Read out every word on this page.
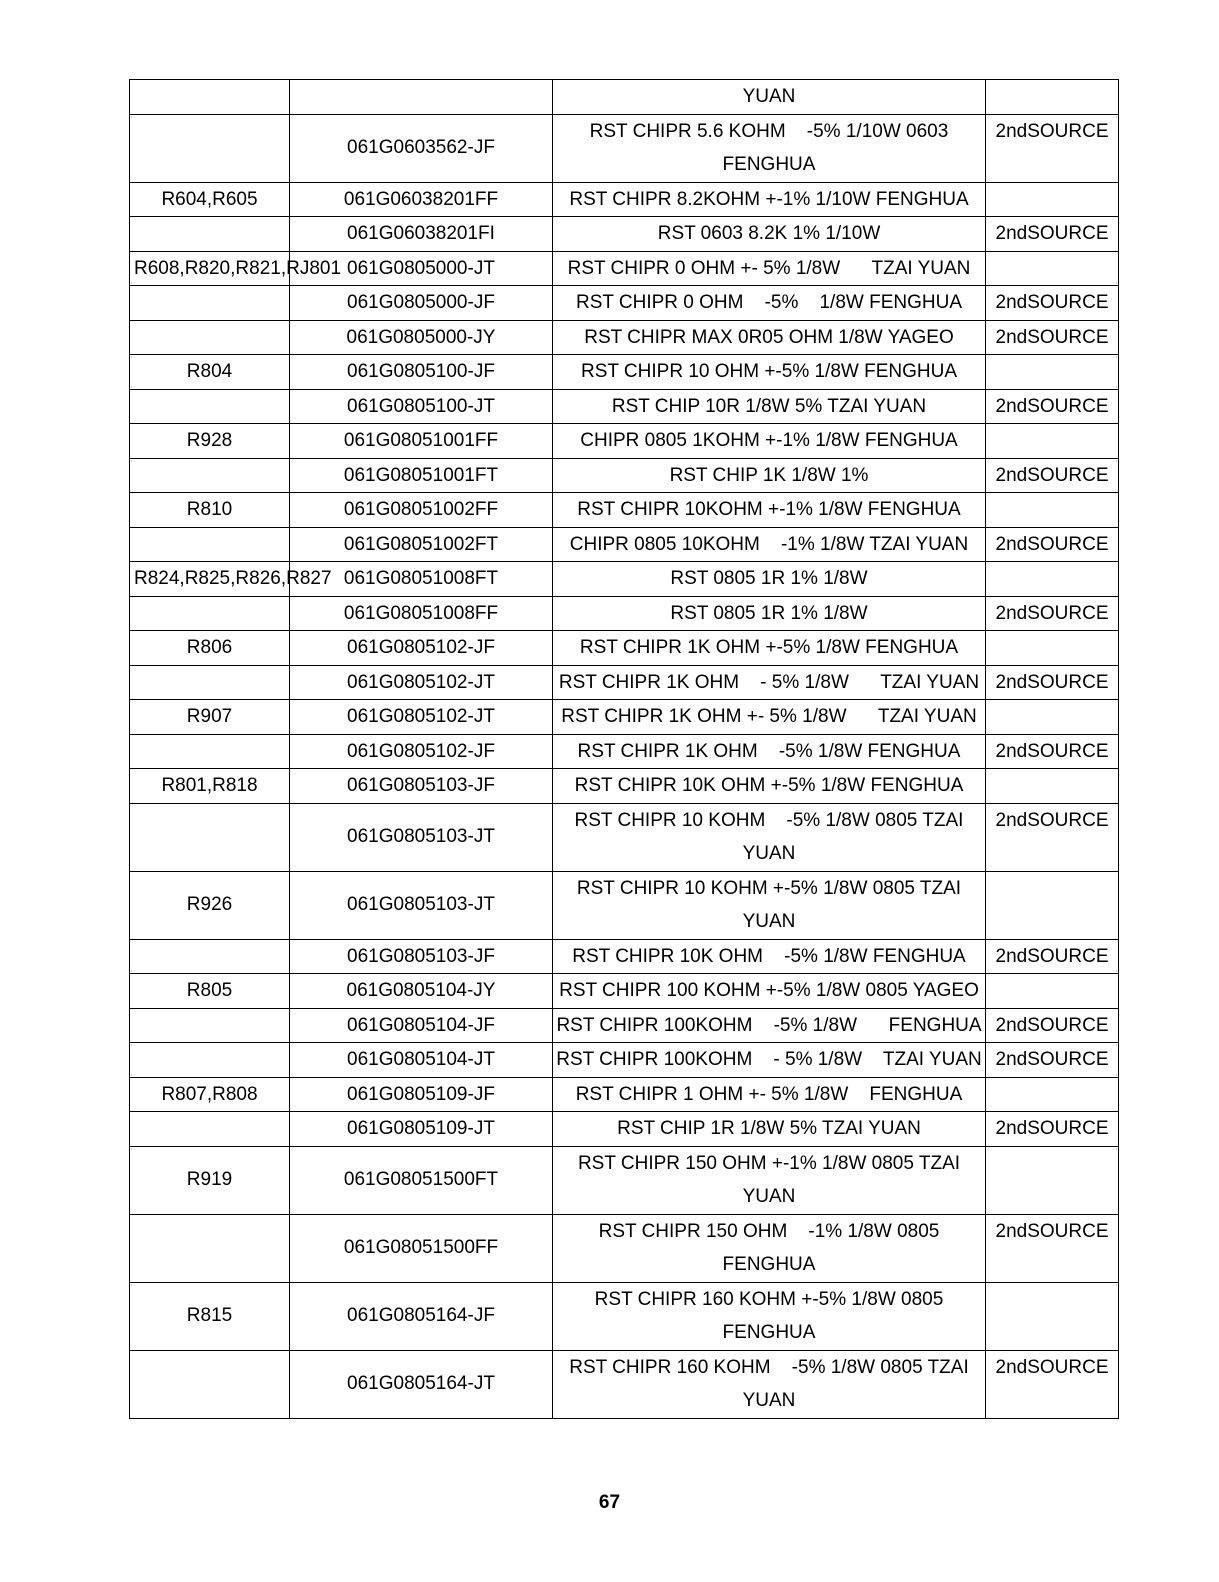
		YUAN	
	061G0603562-JF	RST CHIPR 5.6 KOHM    -5% 1/10W 0603 FENGHUA	2ndSOURCE
R604,R605	061G06038201FF	RST CHIPR 8.2KOHM +-1% 1/10W FENGHUA	
	061G06038201FI	RST 0603 8.2K 1% 1/10W	2ndSOURCE
R608,R820,R821,RJ801	061G0805000-JT	RST CHIPR 0 OHM +- 5% 1/8W      TZAI YUAN	
	061G0805000-JF	RST CHIPR 0 OHM    -5%    1/8W FENGHUA	2ndSOURCE
	061G0805000-JY	RST CHIPR MAX 0R05 OHM 1/8W YAGEO	2ndSOURCE
R804	061G0805100-JF	RST CHIPR 10 OHM +-5% 1/8W FENGHUA	
	061G0805100-JT	RST CHIP 10R 1/8W 5% TZAI YUAN	2ndSOURCE
R928	061G08051001FF	CHIPR 0805 1KOHM +-1% 1/8W FENGHUA	
	061G08051001FT	RST CHIP 1K 1/8W 1%	2ndSOURCE
R810	061G08051002FF	RST CHIPR 10KOHM +-1% 1/8W FENGHUA	
	061G08051002FT	CHIPR 0805 10KOHM    -1% 1/8W TZAI YUAN	2ndSOURCE
R824,R825,R826,R827	061G08051008FT	RST 0805 1R 1% 1/8W	
	061G08051008FF	RST 0805 1R 1% 1/8W	2ndSOURCE
R806	061G0805102-JF	RST CHIPR 1K OHM +-5% 1/8W FENGHUA	
	061G0805102-JT	RST CHIPR 1K OHM    - 5% 1/8W      TZAI YUAN	2ndSOURCE
R907	061G0805102-JT	RST CHIPR 1K OHM +- 5% 1/8W      TZAI YUAN	
	061G0805102-JF	RST CHIPR 1K OHM    -5% 1/8W FENGHUA	2ndSOURCE
R801,R818	061G0805103-JF	RST CHIPR 10K OHM +-5% 1/8W FENGHUA	
	061G0805103-JT	RST CHIPR 10 KOHM    -5% 1/8W 0805 TZAI YUAN	2ndSOURCE
R926	061G0805103-JT	RST CHIPR 10 KOHM +-5% 1/8W 0805 TZAI YUAN	
	061G0805103-JF	RST CHIPR 10K OHM    -5% 1/8W FENGHUA	2ndSOURCE
R805	061G0805104-JY	RST CHIPR 100 KOHM +-5% 1/8W 0805 YAGEO	
	061G0805104-JF	RST CHIPR 100KOHM    -5% 1/8W      FENGHUA	2ndSOURCE
	061G0805104-JT	RST CHIPR 100KOHM    - 5% 1/8W    TZAI YUAN	2ndSOURCE
R807,R808	061G0805109-JF	RST CHIPR 1 OHM +- 5% 1/8W    FENGHUA	
	061G0805109-JT	RST CHIP 1R 1/8W 5% TZAI YUAN	2ndSOURCE
R919	061G08051500FT	RST CHIPR 150 OHM +-1% 1/8W 0805 TZAI YUAN	
	061G08051500FF	RST CHIPR 150 OHM    -1% 1/8W 0805 FENGHUA	2ndSOURCE
R815	061G0805164-JF	RST CHIPR 160 KOHM +-5% 1/8W 0805 FENGHUA	
	061G0805164-JT	RST CHIPR 160 KOHM    -5% 1/8W 0805 TZAI YUAN	2ndSOURCE
67
